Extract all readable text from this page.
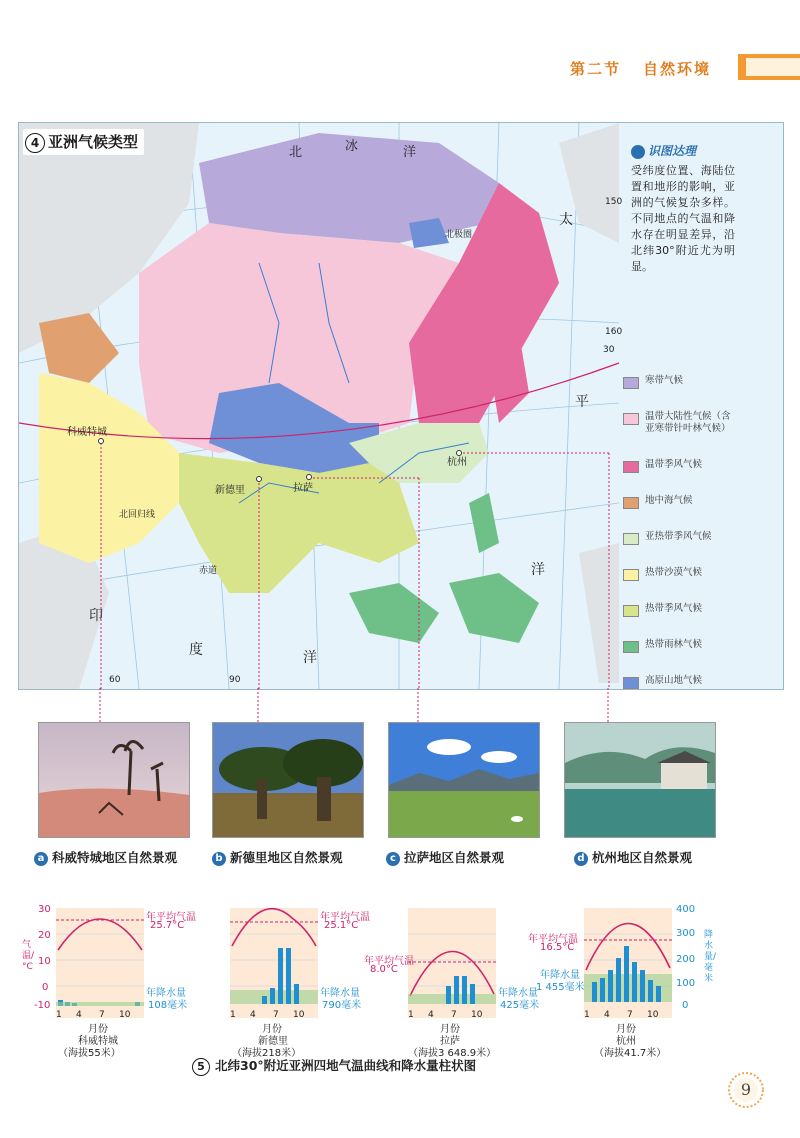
第二节 自然环境
4 亚洲气候类型
北	冰	洋
太
平
洋
印
度	洋
科威特城
新德里	拉萨
杭州
北回归线
赤道
北极圈
30
60	90
150
160
识图达理
受纬度位置、海陆位置和地形的影响，亚洲的气候复杂多样。不同地点的气温和降水存在明显差异，沿北纬30°附近尤为明显。
寒带气候
温带大陆性气候（含 亚寒带针叶林气候）
温带季风气候
地中海气候
亚热带季风气候
热带沙漠气候
热带季风气候
热带雨林气候
高原山地气候
a 科威特城地区自然景观	b 新德里地区自然景观	c 拉萨地区自然景观	d 杭州地区自然景观
30
20
10
0
-10
气温/°C
400
300
200
100
0
降水量/毫米
年平均气温
25.7°C
年降水量
108毫米
年平均气温
25.1°C
年降水量
790毫米
年平均气温
8.0°C
年降水量
425毫米
年平均气温
16.5°C
年降水量
1 455毫米
1 4 7 10	1 4 7 10	1 4 7 10	1 4 7 10
月份	月份	月份	月份
科威特城	新德里	拉萨	杭州
（海拔55米）	（海拔218米）	（海拔3 648.9米）	（海拔41.7米）
5 北纬30°附近亚洲四地气温曲线和降水量柱状图
9
